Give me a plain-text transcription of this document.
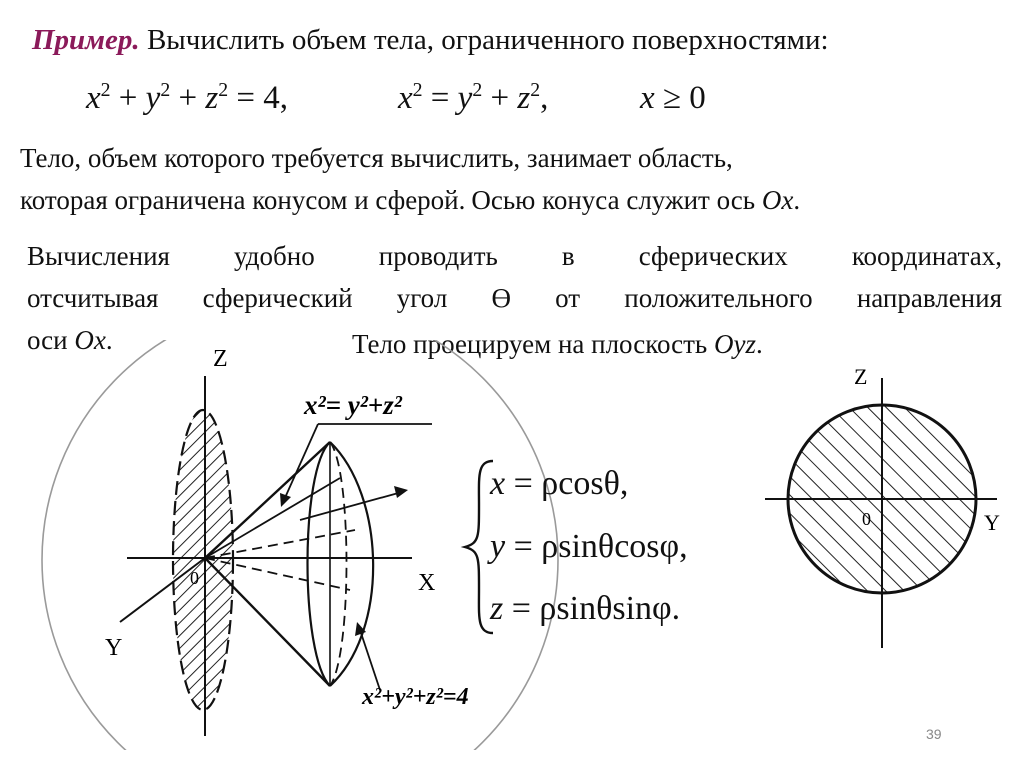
Пример. Вычислить объем тела, ограниченного поверхностями:
$x^2 + y^2 + z^2 = 4$,	$x^2 = y^2 + z^2$,	x ≥ 0
Тело, объем которого требуется вычислить, занимает область,
которая ограничена конусом и сферой. Осью конуса служит ось Ox.
Вычисления удобно проводить в сферических координатах,
отсчитывая сферический угол ϴ от положительного направления
оси Ox.	Тело проецируем на плоскость Oyz.
Z
X
Y
0
x²= y²+z²
x²+y²+z²=4
x = ρcosθ,
y = ρsinθcosφ,
z = ρsinθsinφ.
Z
Y
0
39
